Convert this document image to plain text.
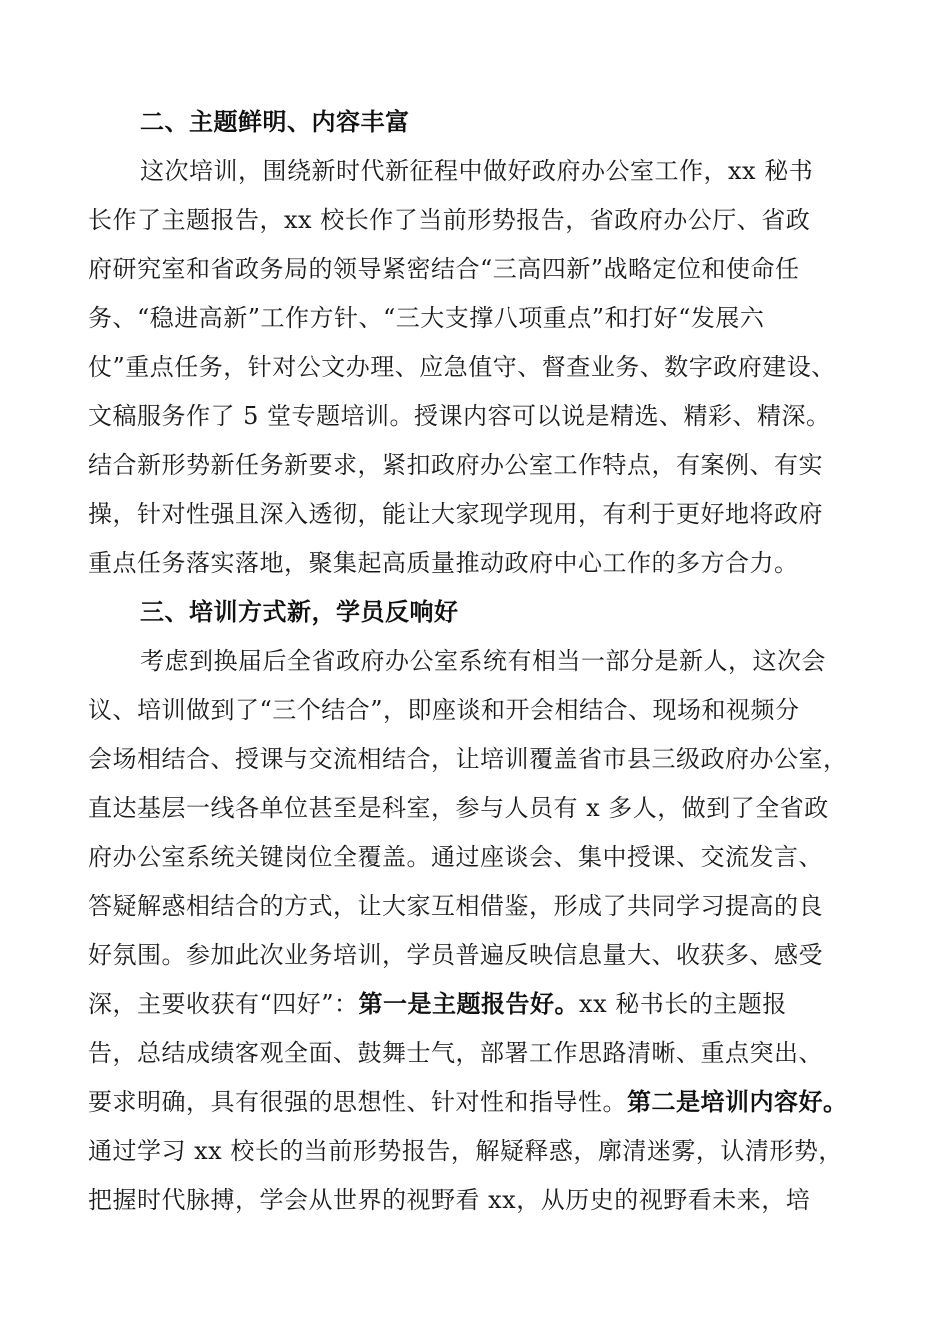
二、主题鲜明、内容丰富
这次培训，围绕新时代新征程中做好政府办公室工作，xx 秘书
长作了主题报告，xx 校长作了当前形势报告，省政府办公厅、省政
府研究室和省政务局的领导紧密结合“三高四新”战略定位和使命任
务、“稳进高新”工作方针、“三大支撑八项重点”和打好“发展六
仗”重点任务，针对公文办理、应急值守、督查业务、数字政府建设、
文稿服务作了 5 堂专题培训。授课内容可以说是精选、精彩、精深。
结合新形势新任务新要求，紧扣政府办公室工作特点，有案例、有实
操，针对性强且深入透彻，能让大家现学现用，有利于更好地将政府
重点任务落实落地，聚集起高质量推动政府中心工作的多方合力。
三、培训方式新，学员反响好
考虑到换届后全省政府办公室系统有相当一部分是新人，这次会
议、培训做到了“三个结合”，即座谈和开会相结合、现场和视频分
会场相结合、授课与交流相结合，让培训覆盖省市县三级政府办公室，
直达基层一线各单位甚至是科室，参与人员有 x 多人，做到了全省政
府办公室系统关键岗位全覆盖。通过座谈会、集中授课、交流发言、
答疑解惑相结合的方式，让大家互相借鉴，形成了共同学习提高的良
好氛围。参加此次业务培训，学员普遍反映信息量大、收获多、感受
深，主要收获有“四好”：第一是主题报告好。xx 秘书长的主题报
告，总结成绩客观全面、鼓舞士气，部署工作思路清晰、重点突出、
要求明确，具有很强的思想性、针对性和指导性。第二是培训内容好。
通过学习 xx 校长的当前形势报告，解疑释惑，廓清迷雾，认清形势，
把握时代脉搏，学会从世界的视野看 xx，从历史的视野看未来，培
